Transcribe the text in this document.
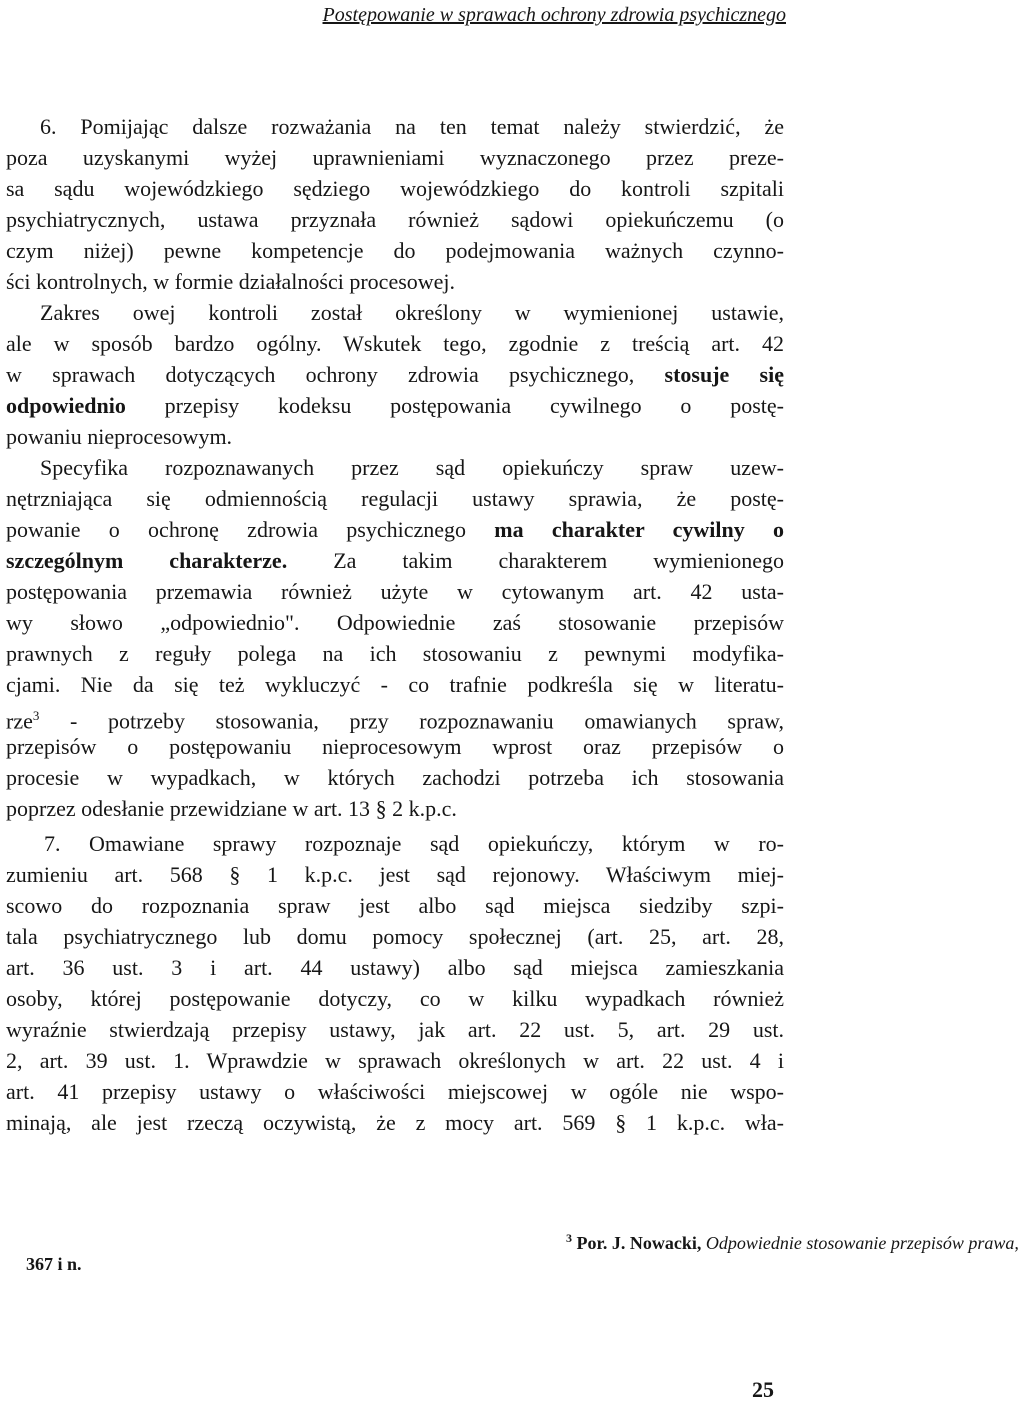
Postępowanie w sprawach ochrony zdrowia psychicznego
6. Pomijając dalsze rozważania na ten temat należy stwierdzić, że
poza uzyskanymi wyżej uprawnieniami wyznaczonego przez preze-
sa sądu wojewódzkiego sędziego wojewódzkiego do kontroli szpitali
psychiatrycznych, ustawa przyznała również sądowi opiekuńczemu (o
czym niżej) pewne kompetencje do podejmowania ważnych czynno-
ści kontrolnych, w formie działalności procesowej.
Zakres owej kontroli został określony w wymienionej ustawie,
ale w sposób bardzo ogólny. Wskutek tego, zgodnie z treścią art. 42
w sprawach dotyczących ochrony zdrowia psychicznego, stosuje się
odpowiednio przepisy kodeksu postępowania cywilnego o postę-
powaniu nieprocesowym.
Specyfika rozpoznawanych przez sąd opiekuńczy spraw uzew-
nętrzniająca się odmiennością regulacji ustawy sprawia, że postę-
powanie o ochronę zdrowia psychicznego ma charakter cywilny o
szczególnym charakterze. Za takim charakterem wymienionego
postępowania przemawia również użyte w cytowanym art. 42 usta-
wy słowo „odpowiednio". Odpowiednie zaś stosowanie przepisów
prawnych z reguły polega na ich stosowaniu z pewnymi modyfika-
cjami. Nie da się też wykluczyć - co trafnie podkreśla się w literatu-
rze$^3$ - potrzeby stosowania, przy rozpoznawaniu omawianych spraw,
przepisów o postępowaniu nieprocesowym wprost oraz przepisów o
procesie w wypadkach, w których zachodzi potrzeba ich stosowania
poprzez odesłanie przewidziane w art. 13 § 2 k.p.c.
7. Omawiane sprawy rozpoznaje sąd opiekuńczy, którym w ro-
zumieniu art. 568 § 1 k.p.c. jest sąd rejonowy. Właściwym miej-
scowo do rozpoznania spraw jest albo sąd miejsca siedziby szpi-
tala psychiatrycznego lub domu pomocy społecznej (art. 25, art. 28,
art. 36 ust. 3 i art. 44 ustawy) albo sąd miejsca zamieszkania
osoby, której postępowanie dotyczy, co w kilku wypadkach również
wyraźnie stwierdzają przepisy ustawy, jak art. 22 ust. 5, art. 29 ust.
2, art. 39 ust. 1. Wprawdzie w sprawach określonych w art. 22 ust. 4 i
art. 41 przepisy ustawy o właściwości miejscowej w ogóle nie wspo-
minają, ale jest rzeczą oczywistą, że z mocy art. 569 § 1 k.p.c. wła-
367 i n.
$^3$ Por. J. Nowacki, Odpowiednie stosowanie przepisów prawa,
25
